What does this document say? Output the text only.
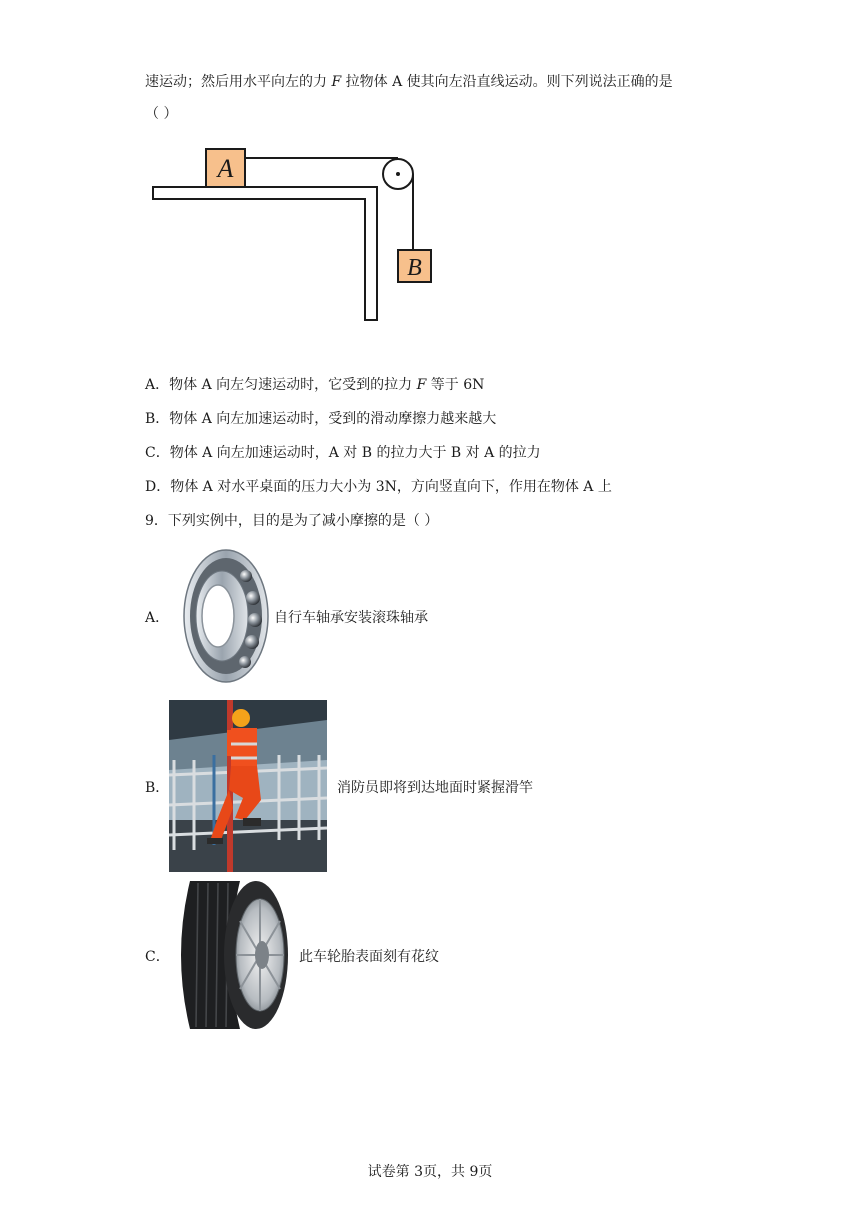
速运动；然后用水平向左的力 F 拉物体 A 使其向左沿直线运动。则下列说法正确的是
（ ）
A
B
A．物体 A 向左匀速运动时，它受到的拉力 F 等于 6N
B．物体 A 向左加速运动时，受到的滑动摩擦力越来越大
C．物体 A 向左加速运动时，A 对 B 的拉力大于 B 对 A 的拉力
D．物体 A 对水平桌面的压力大小为 3N，方向竖直向下，作用在物体 A 上
9．下列实例中，目的是为了减小摩擦的是（ ）
A．	自行车轴承安装滚珠轴承
B．	消防员即将到达地面时紧握滑竿
C．	此车轮胎表面刻有花纹
试卷第 3页，共 9页
